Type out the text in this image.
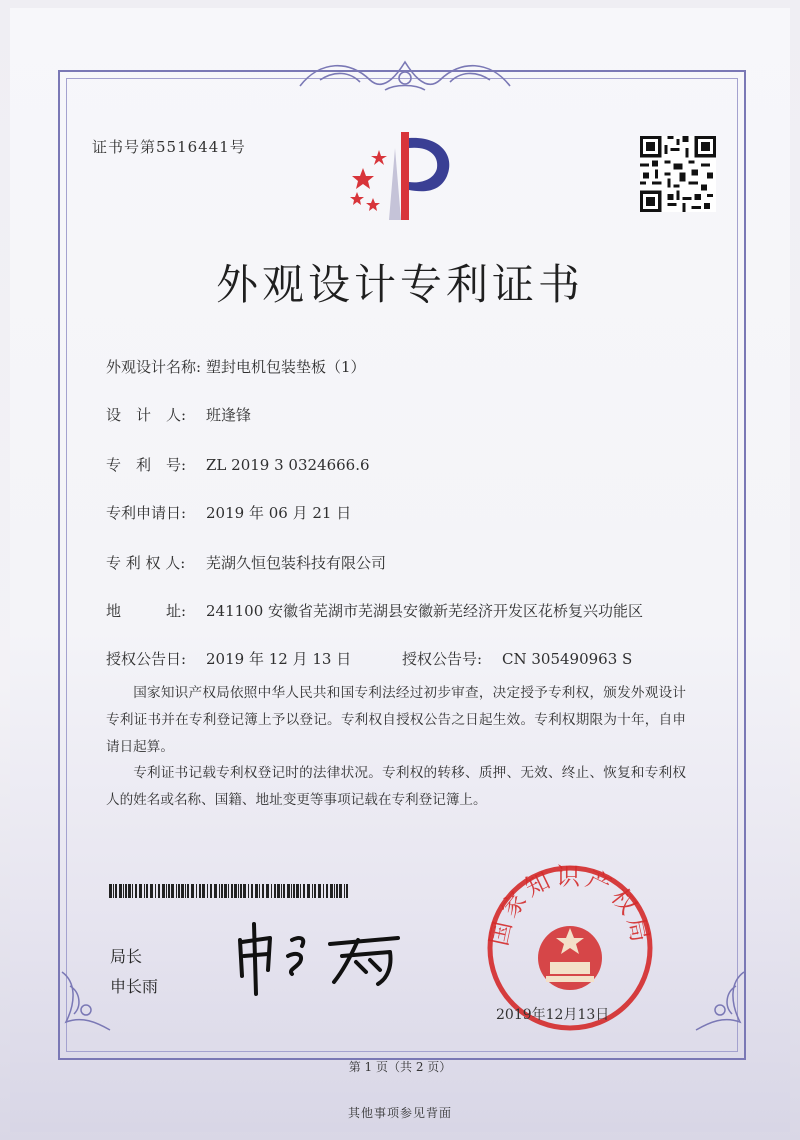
证书号第5516441号
外观设计专利证书
外观设计名称: 塑封电机包装垫板（1）
设　计　人: 班逢锋
专　利　号: ZL 2019 3 0324666.6
专利申请日: 2019 年 06 月 21 日
专 利 权 人: 芜湖久恒包装科技有限公司
地　　　址:	241100 安徽省芜湖市芜湖县安徽新芜经济开发区花桥复兴功能区
授权公告日: 2019 年 12 月 13 日	授权公告号: CN 305490963 S
国家知识产权局依照中华人民共和国专利法经过初步审查，决定授予专利权，颁发外观设计专利证书并在专利登记簿上予以登记。专利权自授权公告之日起生效。专利权期限为十年，自申请日起算。
专利证书记载专利权登记时的法律状况。专利权的转移、质押、无效、终止、恢复和专利权人的姓名或名称、国籍、地址变更等事项记载在专利登记簿上。
局长
申长雨
国家知识产权局
2019年12月13日
第 1 页（共 2 页）
其他事项参见背面
